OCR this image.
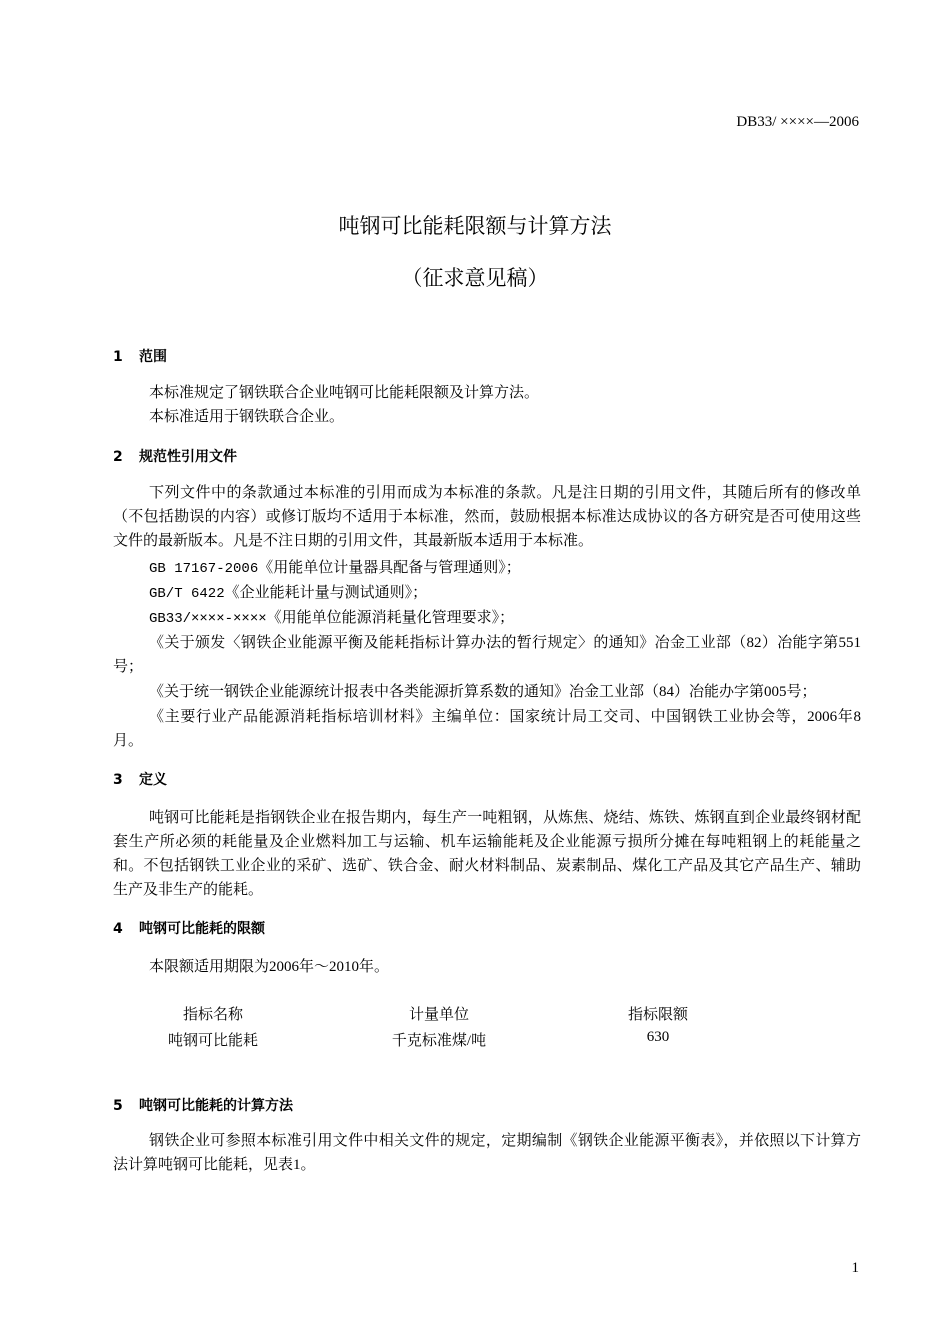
DB33/ ××××—2006
吨钢可比能耗限额与计算方法
（征求意见稿）
1 范围
本标准规定了钢铁联合企业吨钢可比能耗限额及计算方法。
本标准适用于钢铁联合企业。
2 规范性引用文件
下列文件中的条款通过本标准的引用而成为本标准的条款。凡是注日期的引用文件，其随后所有的修改单（不包括勘误的内容）或修订版均不适用于本标准，然而，鼓励根据本标准达成协议的各方研究是否可使用这些文件的最新版本。凡是不注日期的引用文件，其最新版本适用于本标准。
GB 17167-2006《用能单位计量器具配备与管理通则》；
GB/T 6422《企业能耗计量与测试通则》；
GB33/××××-××××《用能单位能源消耗量化管理要求》；
《关于颁发〈钢铁企业能源平衡及能耗指标计算办法的暂行规定〉的通知》冶金工业部（82）冶能字第551号；
《关于统一钢铁企业能源统计报表中各类能源折算系数的通知》冶金工业部（84）冶能办字第005号；
《主要行业产品能源消耗指标培训材料》主编单位：国家统计局工交司、中国钢铁工业协会等，2006年8月。
3 定义
吨钢可比能耗是指钢铁企业在报告期内，每生产一吨粗钢，从炼焦、烧结、炼铁、炼钢直到企业最终钢材配套生产所必须的耗能量及企业燃料加工与运输、机车运输能耗及企业能源亏损所分摊在每吨粗钢上的耗能量之和。不包括钢铁工业企业的采矿、选矿、铁合金、耐火材料制品、炭素制品、煤化工产品及其它产品生产、辅助生产及非生产的能耗。
4 吨钢可比能耗的限额
本限额适用期限为2006年～2010年。
指标名称	计量单位	指标限额
吨钢可比能耗	千克标准煤/吨	630
5 吨钢可比能耗的计算方法
钢铁企业可参照本标准引用文件中相关文件的规定，定期编制《钢铁企业能源平衡表》，并依照以下计算方法计算吨钢可比能耗，见表1。
1
